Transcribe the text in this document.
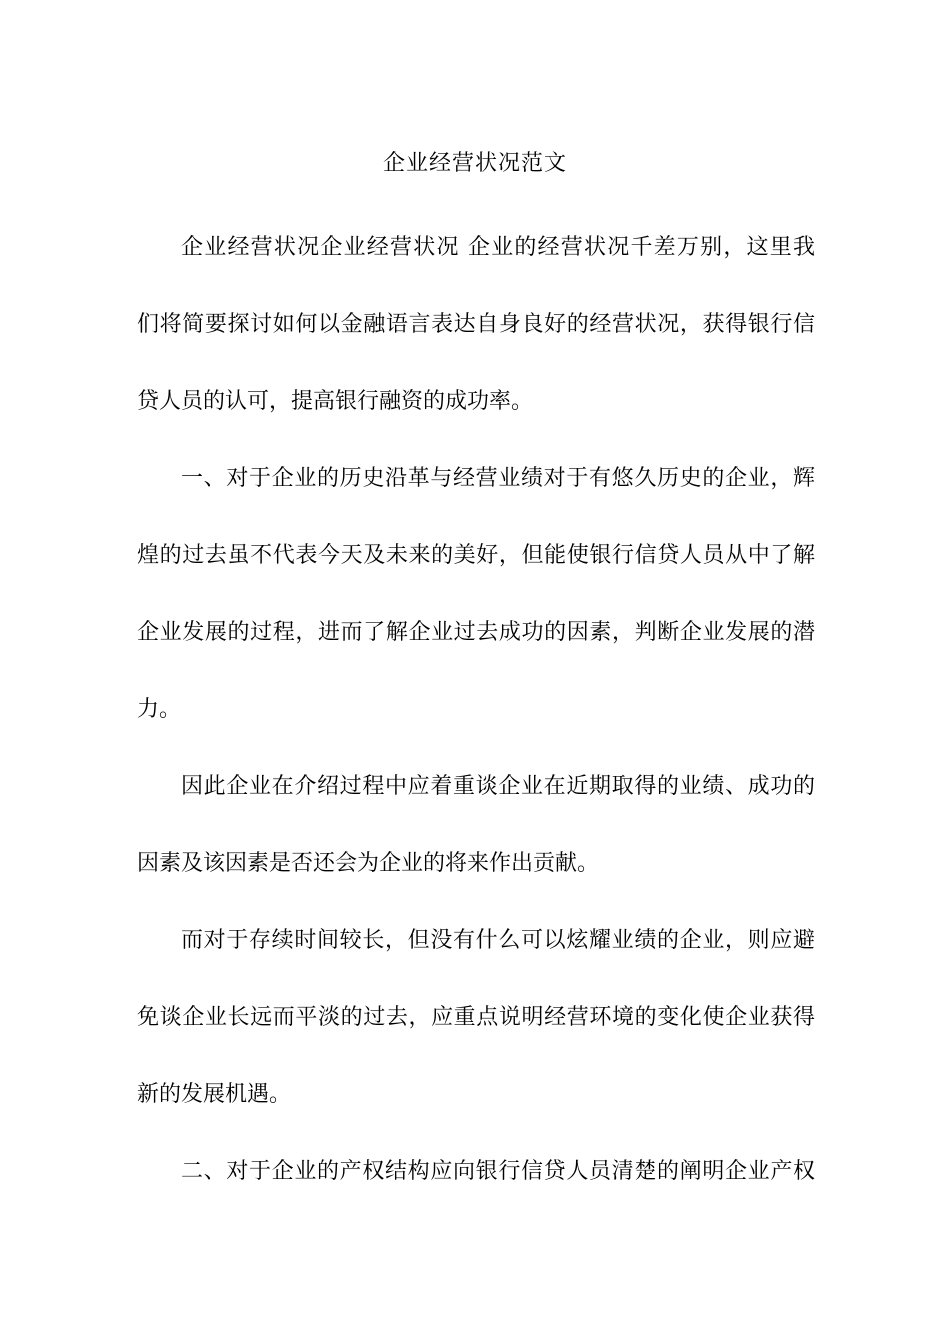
企业经营状况范文

企业经营状况企业经营状况 企业的经营状况千差万别，这里我
们将简要探讨如何以金融语言表达自身良好的经营状况，获得银行信
贷人员的认可，提高银行融资的成功率。

一、对于企业的历史沿革与经营业绩对于有悠久历史的企业，辉
煌的过去虽不代表今天及未来的美好，但能使银行信贷人员从中了解
企业发展的过程，进而了解企业过去成功的因素，判断企业发展的潜
力。

因此企业在介绍过程中应着重谈企业在近期取得的业绩、成功的
因素及该因素是否还会为企业的将来作出贡献。

而对于存续时间较长，但没有什么可以炫耀业绩的企业，则应避
免谈企业长远而平淡的过去，应重点说明经营环境的变化使企业获得
新的发展机遇。

二、对于企业的产权结构应向银行信贷人员清楚的阐明企业产权
